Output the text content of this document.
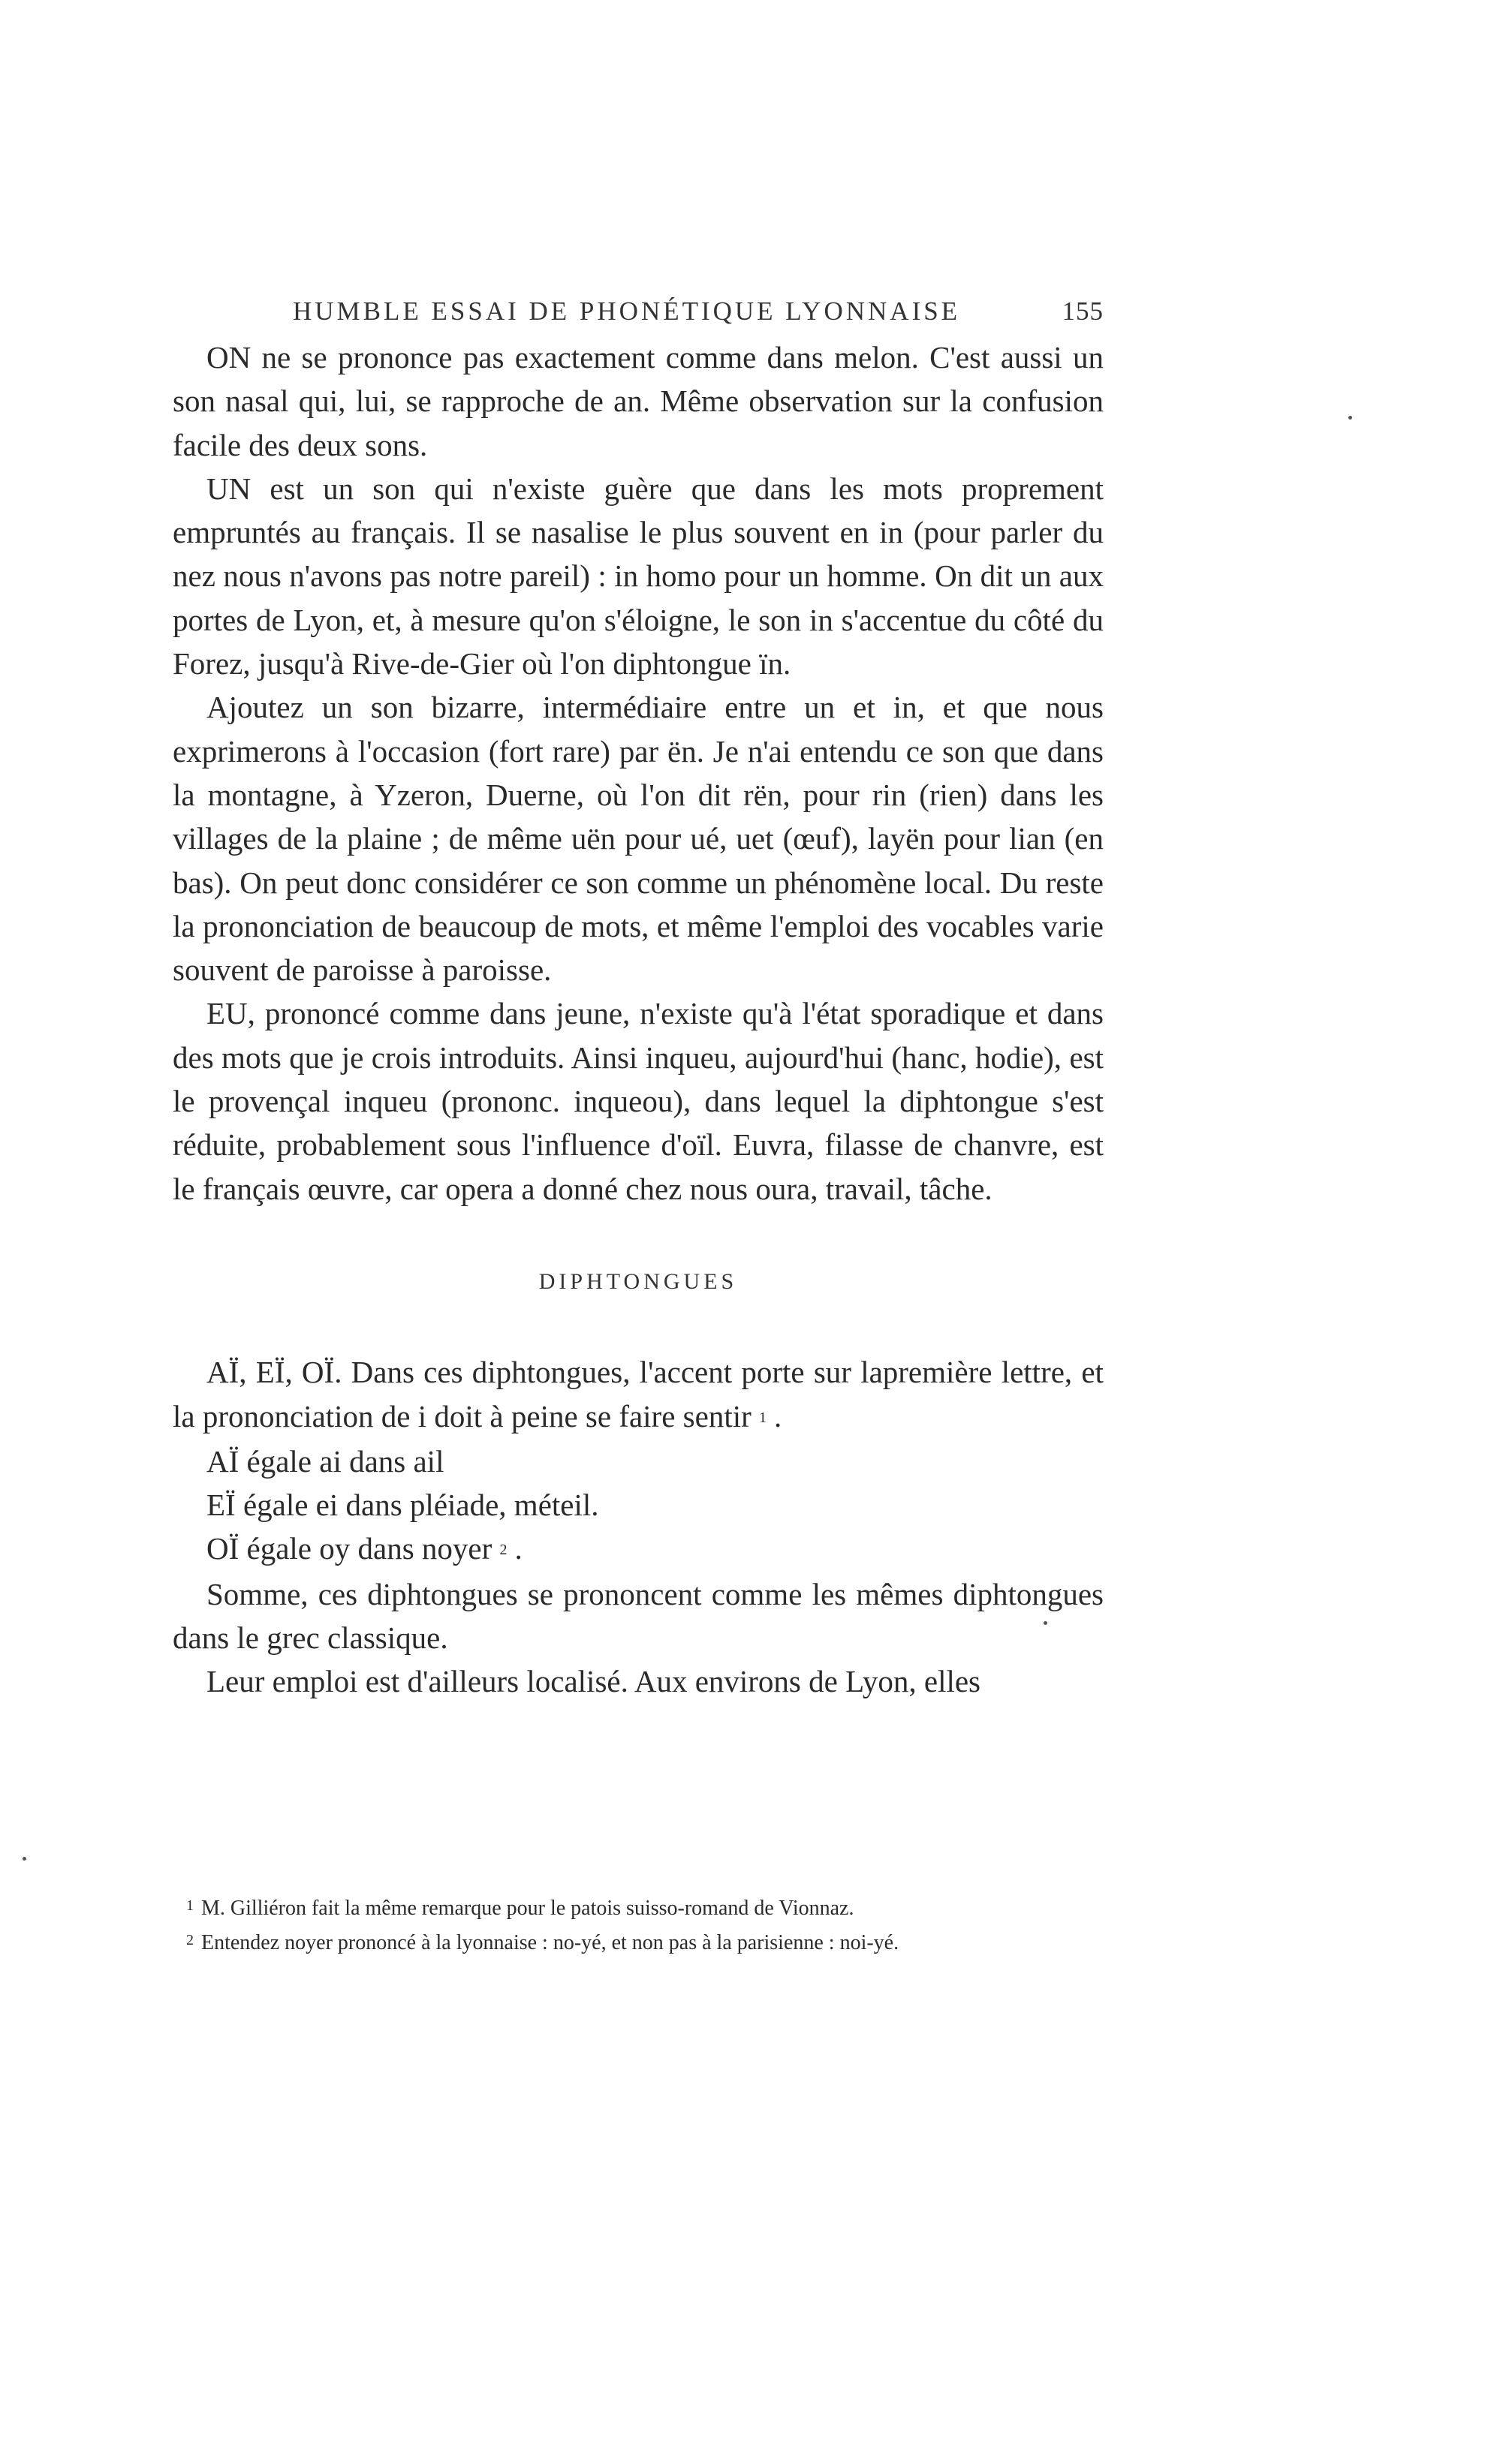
HUMBLE ESSAI DE PHONÉTIQUE LYONNAISE	155

ON ne se prononce pas exactement comme dans melon. C'est aussi un son nasal qui, lui, se rapproche de an. Même observation sur la confusion facile des deux sons.

UN est un son qui n'existe guère que dans les mots proprement empruntés au français. Il se nasalise le plus souvent en in (pour parler du nez nous n'avons pas notre pareil) : in homo pour un homme. On dit un aux portes de Lyon, et, à mesure qu'on s'éloigne, le son in s'accentue du côté du Forez, jusqu'à Rive-de-Gier où l'on diphtongue ïn.

Ajoutez un son bizarre, intermédiaire entre un et in, et que nous exprimerons à l'occasion (fort rare) par ën. Je n'ai entendu ce son que dans la montagne, à Yzeron, Duerne, où l'on dit rën, pour rin (rien) dans les villages de la plaine ; de même uën pour ué, uet (œuf), layën pour lian (en bas). On peut donc considérer ce son comme un phénomène local. Du reste la prononciation de beaucoup de mots, et même l'emploi des vocables varie souvent de paroisse à paroisse.

EU, prononcé comme dans jeune, n'existe qu'à l'état sporadique et dans des mots que je crois introduits. Ainsi inqueu, aujourd'hui (hanc, hodie), est le provençal inqueu (prononc. inqueou), dans lequel la diphtongue s'est réduite, probablement sous l'influence d'oïl. Euvra, filasse de chanvre, est le français œuvre, car opera a donné chez nous oura, travail, tâche.

DIPHTONGUES

AÏ, EÏ, OÏ. Dans ces diphtongues, l'accent porte sur lapremière lettre, et la prononciation de i doit à peine se faire sentir $^1$ .

AÏ égale ai dans ail

EÏ égale ei dans pléiade, méteil.

OÏ égale oy dans noyer $^2$ .

Somme, ces diphtongues se prononcent comme les mêmes diphtongues dans le grec classique.

Leur emploi est d'ailleurs localisé. Aux environs de Lyon, elles

$^1$ M. Gilliéron fait la même remarque pour le patois suisso-romand de Vionnaz.

$^2$ Entendez noyer prononcé à la lyonnaise : no-yé, et non pas à la parisienne : noi-yé.
